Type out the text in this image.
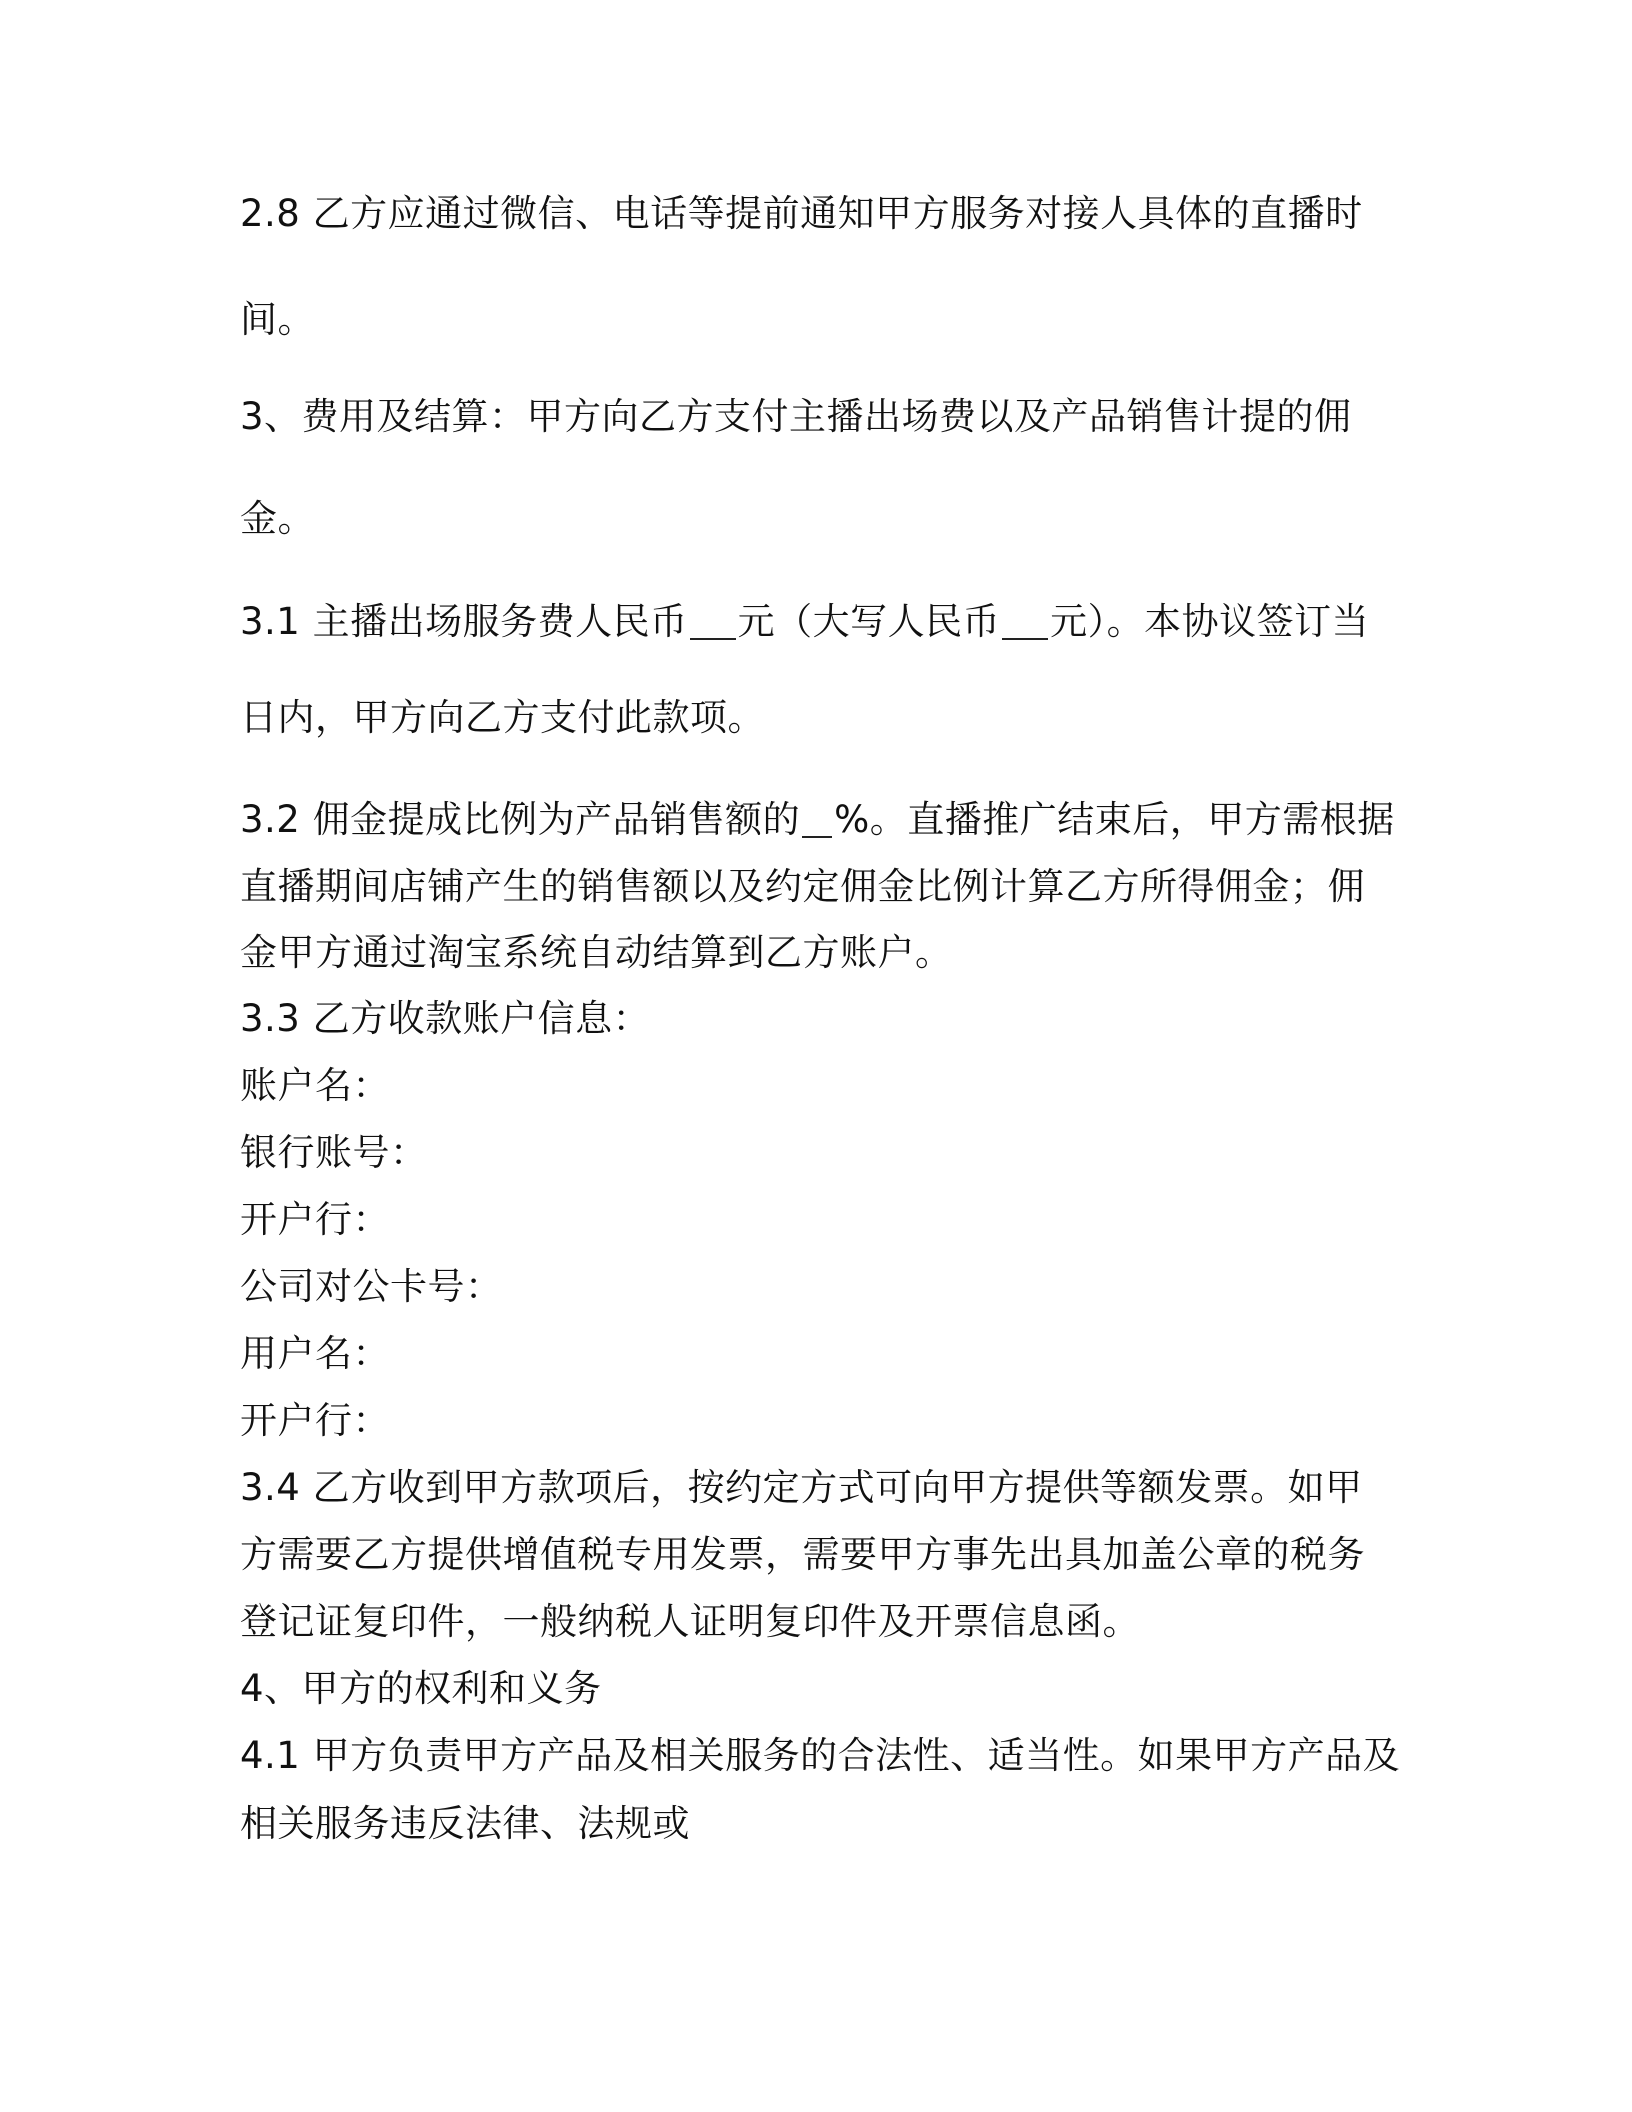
2.8 乙方应通过微信、电话等提前通知甲方服务对接人具体的直播时
间。
3、费用及结算：甲方向乙方支付主播出场费以及产品销售计提的佣
金。
3.1 主播出场服务费人民币 元（大写人民币 元）。本协议签订当
日内，甲方向乙方支付此款项。
3.2 佣金提成比例为产品销售额的 %。直播推广结束后，甲方需根据
直播期间店铺产生的销售额以及约定佣金比例计算乙方所得佣金；佣
金甲方通过淘宝系统自动结算到乙方账户。
3.3 乙方收款账户信息：
账户名：
银行账号：
开户行：
公司对公卡号：
用户名：
开户行：
3.4 乙方收到甲方款项后，按约定方式可向甲方提供等额发票。如甲
方需要乙方提供增值税专用发票，需要甲方事先出具加盖公章的税务
登记证复印件，一般纳税人证明复印件及开票信息函。
4、甲方的权利和义务
4.1 甲方负责甲方产品及相关服务的合法性、适当性。如果甲方产品及
相关服务违反法律、法规或
